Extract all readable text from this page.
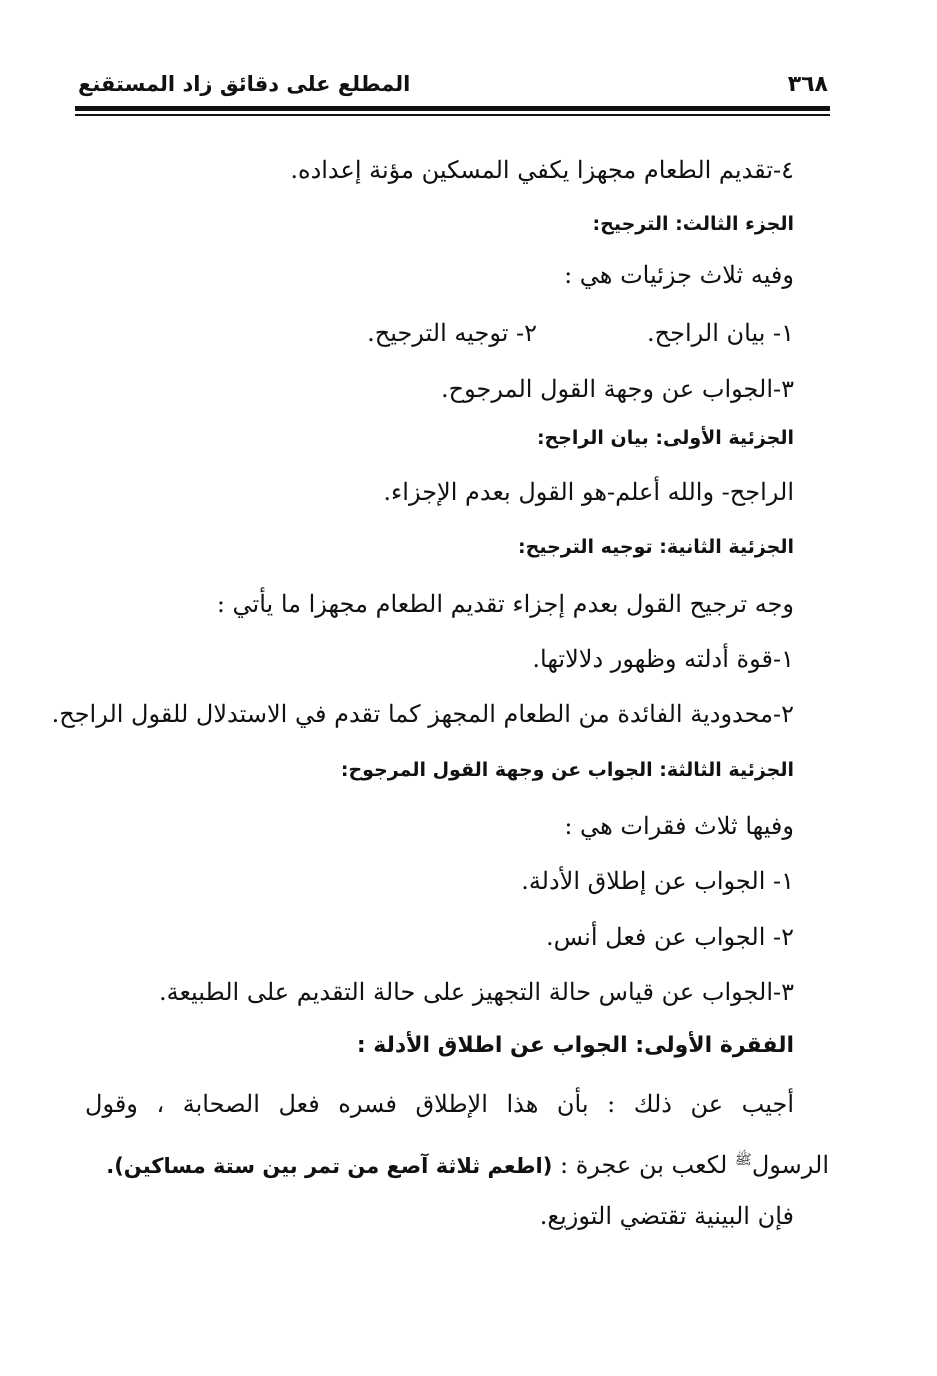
٣٦٨
المطلع على دقائق زاد المستقنع
٤-تقديم الطعام مجهزا يكفي المسكين مؤنة إعداده.
الجزء الثالث: الترجيح:
وفيه ثلاث جزئيات هي :
١- بيان الراجح.٢- توجيه الترجيح.
٣-الجواب عن وجهة القول المرجوح.
الجزئية الأولى: بيان الراجح:
الراجح- والله أعلم-هو القول بعدم الإجزاء.
الجزئية الثانية: توجيه الترجيح:
وجه ترجيح القول بعدم إجزاء تقديم الطعام مجهزا ما يأتي :
١-قوة أدلته وظهور دلالاتها.
٢-محدودية الفائدة من الطعام المجهز كما تقدم في الاستدلال للقول الراجح.
الجزئية الثالثة: الجواب عن وجهة القول المرجوح:
وفيها ثلاث فقرات هي :
١- الجواب عن إطلاق الأدلة.
٢- الجواب عن فعل أنس.
٣-الجواب عن قياس حالة التجهيز على حالة التقديم على الطبيعة.
الفقرة الأولى: الجواب عن اطلاق الأدلة :
أجيب عن ذلك : بأن هذا الإطلاق فسره فعل الصحابة ، وقول
الرسول$^ﷺ$ لكعب بن عجرة : (اطعم ثلاثة آصع من تمر بين ستة مساكين).
فإن البينية تقتضي التوزيع.
